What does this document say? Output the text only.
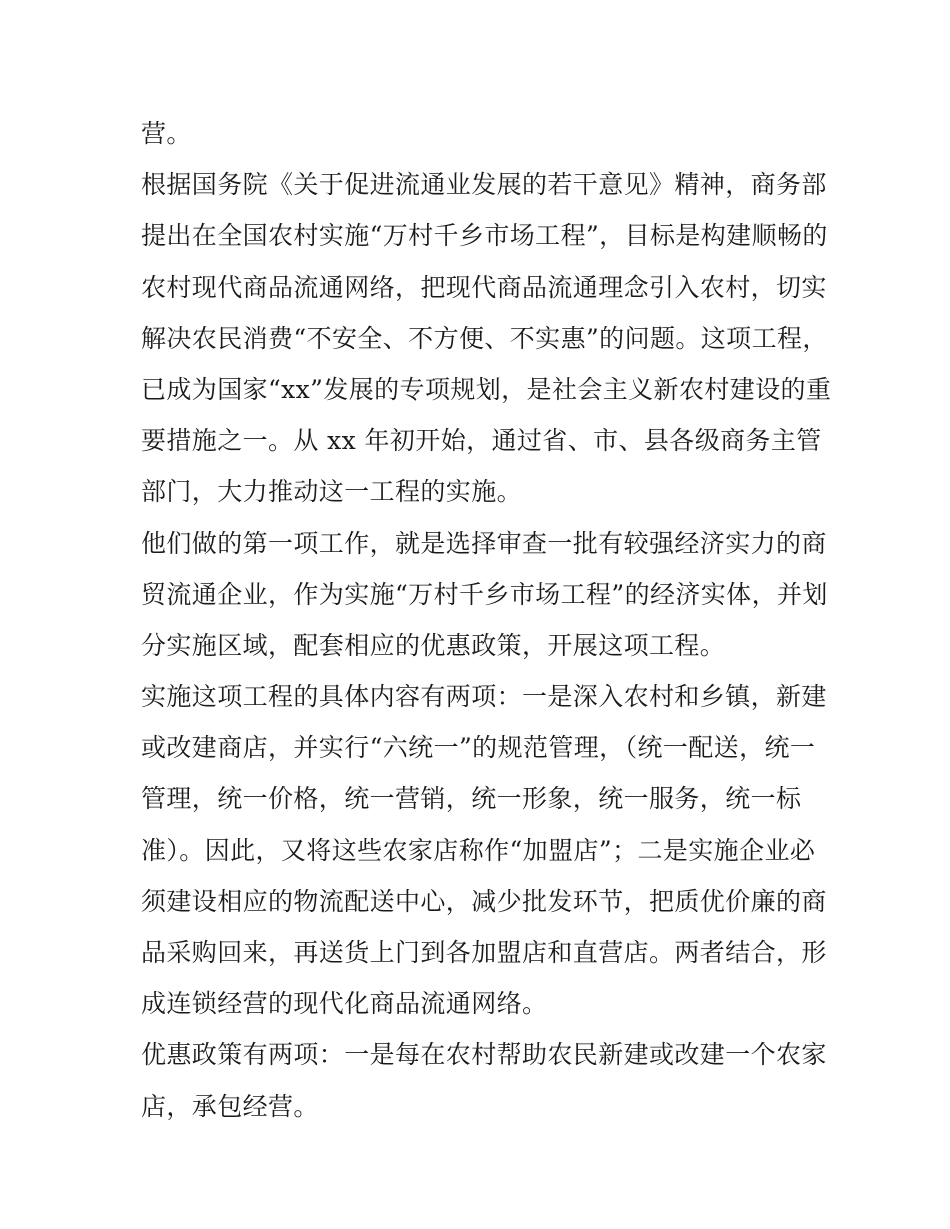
营。
根据国务院《关于促进流通业发展的若干意见》精神，商务部
提出在全国农村实施“万村千乡市场工程”，目标是构建顺畅的
农村现代商品流通网络，把现代商品流通理念引入农村，切实
解决农民消费“不安全、不方便、不实惠”的问题。这项工程，
已成为国家“xx”发展的专项规划，是社会主义新农村建设的重
要措施之一。从 xx 年初开始，通过省、市、县各级商务主管
部门，大力推动这一工程的实施。
他们做的第一项工作，就是选择审查一批有较强经济实力的商
贸流通企业，作为实施“万村千乡市场工程”的经济实体，并划
分实施区域，配套相应的优惠政策，开展这项工程。
实施这项工程的具体内容有两项：一是深入农村和乡镇，新建
或改建商店，并实行“六统一”的规范管理，（统一配送，统一
管理，统一价格，统一营销，统一形象，统一服务，统一标
准）。因此，又将这些农家店称作“加盟店”；二是实施企业必
须建设相应的物流配送中心，减少批发环节，把质优价廉的商
品采购回来，再送货上门到各加盟店和直营店。两者结合，形
成连锁经营的现代化商品流通网络。
优惠政策有两项：一是每在农村帮助农民新建或改建一个农家
店，承包经营。
